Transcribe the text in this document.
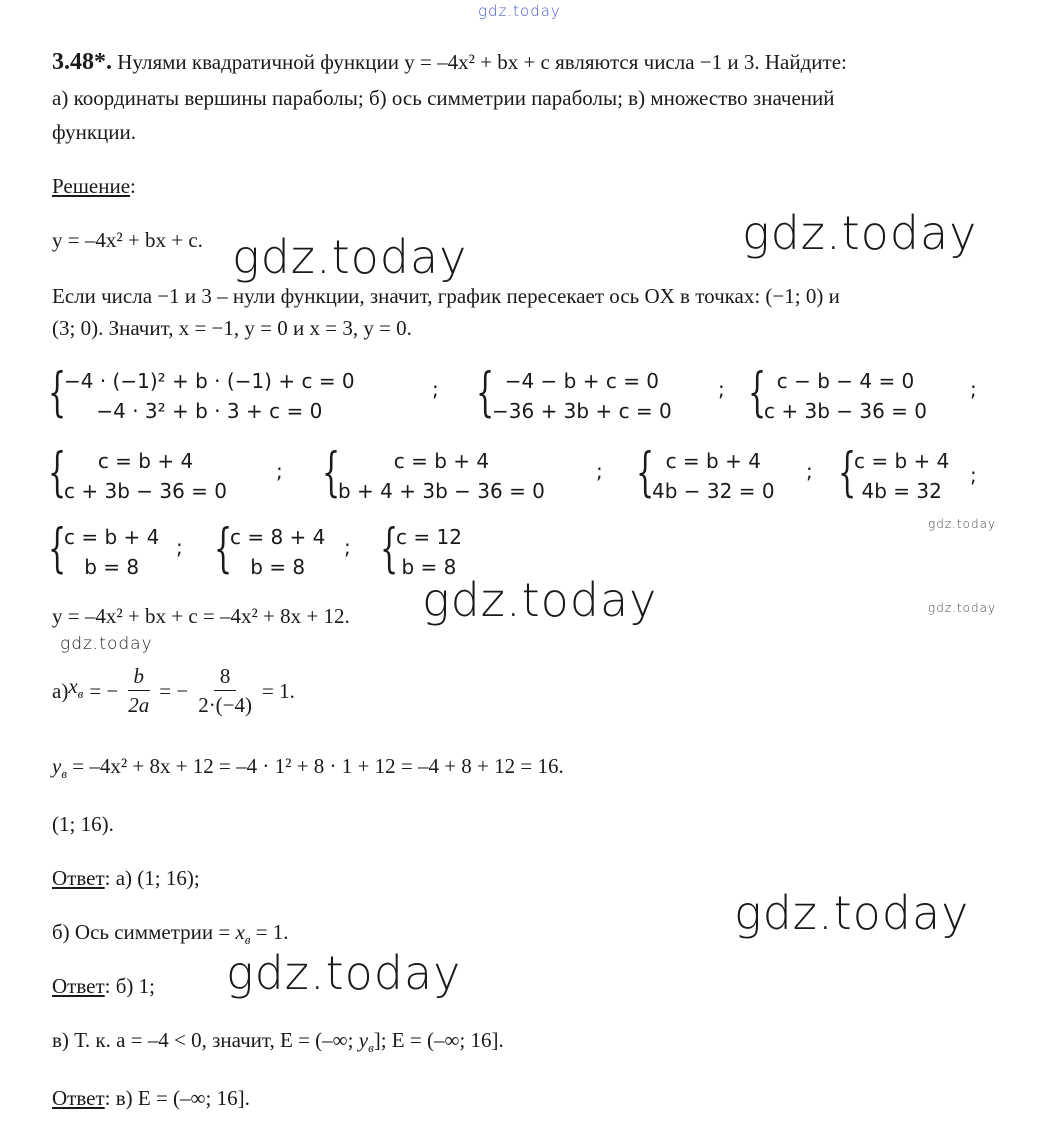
gdz.today
gdz.today
gdz.today
gdz.today
gdz.today
gdz.today
gdz.today
gdz.today
gdz.today
3.48*. Нулями квадратичной функции y = –4x² + bx + c являются числа −1 и 3. Найдите:
а) координаты вершины параболы; б) ось симметрии параболы; в) множество значений
функции.
Решение:
y = –4x² + bx + c.
Если числа −1 и 3 – нули функции, значит, график пересекает ось OX в точках: (−1; 0) и
(3; 0). Значит, x = −1, y = 0 и x = 3, y = 0.
{
−4 · (−1)² + b · (−1) + c = 0
−4 · 3² + b · 3 + c = 0
; { −4 − b + c = 0
−36 + 3b + c = 0
; { c − b − 4 = 0
c + 3b − 36 = 0
;
{	c = b + 4
c + 3b − 36 = 0
; {	c = b + 4
b + 4 + 3b − 36 = 0
; { c = b + 4
4b − 32 = 0
; {
c = b + 4
4b = 32
;
{
c = b + 4
b = 8
; {
c = 8 + 4
b = 8
; {
c = 12
b = 8
y = –4x² + bx + c = –4x² + 8x + 12.
а) $x_в$ = − $\frac{b}{2a}$ = − $\frac{8}{2\cdot(-4)} = 1$.
$y_в = -4x^2 + 8x + 12 = -4 \cdot 1^2 + 8 \cdot 1 + 12 = -4 + 8 + 12 = 16$.
(1; 16).
Ответ: а) (1; 16);
б) Ось симметрии = $x_в = 1$.
Ответ: б) 1;
в) Т. к. а = –4 < 0, значит, E = (–∞; $y_в$]; E = (–∞; 16].
Ответ: в) E = (–∞; 16].
